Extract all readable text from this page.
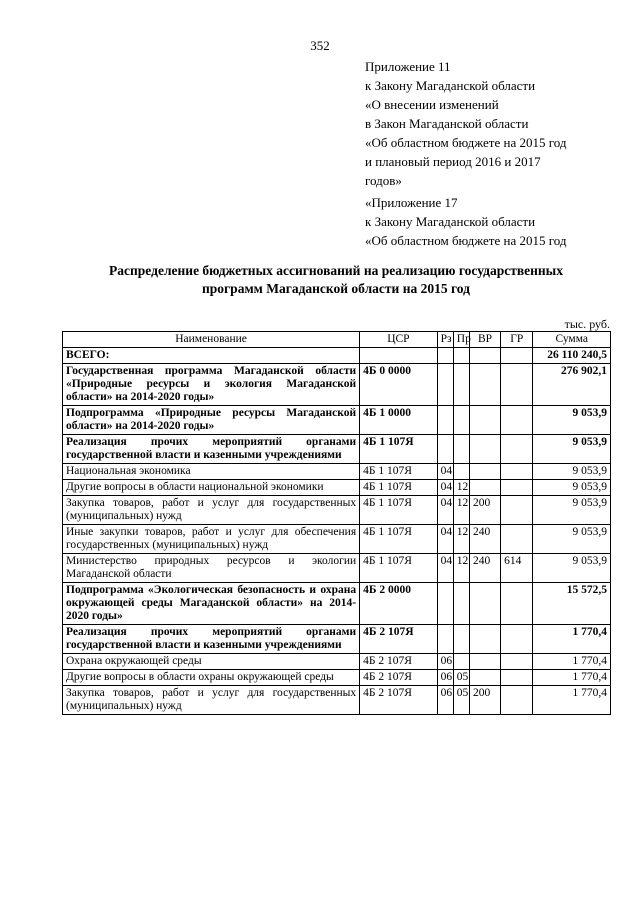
352
Приложение 11
к Закону Магаданской области
«О внесении изменений
в Закон Магаданской области
«Об областном бюджете на 2015 год
и плановый период 2016 и 2017
годов»
«Приложение 17
к Закону Магаданской области
«Об областном бюджете на 2015 год
Распределение бюджетных ассигнований на реализацию государственных
программ Магаданской области на 2015 год
тыс. руб.
Наименование	ЦСР	Рз	Пр	ВР	ГР	Сумма
ВСЕГО:						26 110 240,5
Государственная программа Магаданской области «Природные ресурсы и экология Магаданской области» на 2014-2020 годы»	4Б 0 0000					276 902,1
Подпрограмма «Природные ресурсы Магаданской области» на 2014-2020 годы»	4Б 1 0000					9 053,9
Реализация прочих мероприятий органами государственной власти и казенными учреждениями	4Б 1 107Я					9 053,9
Национальная экономика	4Б 1 107Я	04				9 053,9
Другие вопросы в области национальной экономики	4Б 1 107Я	04	12			9 053,9
Закупка товаров, работ и услуг для государственных (муниципальных) нужд	4Б 1 107Я	04	12	200		9 053,9
Иные закупки товаров, работ и услуг для обеспечения государственных (муниципальных) нужд	4Б 1 107Я	04	12	240		9 053,9
Министерство природных ресурсов и экологии Магаданской области	4Б 1 107Я	04	12	240	614	9 053,9
Подпрограмма «Экологическая безопасность и охрана окружающей среды Магаданской области» на 2014-2020 годы»	4Б 2 0000					15 572,5
Реализация прочих мероприятий органами государственной власти и казенными учреждениями	4Б 2 107Я					1 770,4
Охрана окружающей среды	4Б 2 107Я	06				1 770,4
Другие вопросы в области охраны окружающей среды	4Б 2 107Я	06	05			1 770,4
Закупка товаров, работ и услуг для государственных (муниципальных) нужд	4Б 2 107Я	06	05	200		1 770,4
